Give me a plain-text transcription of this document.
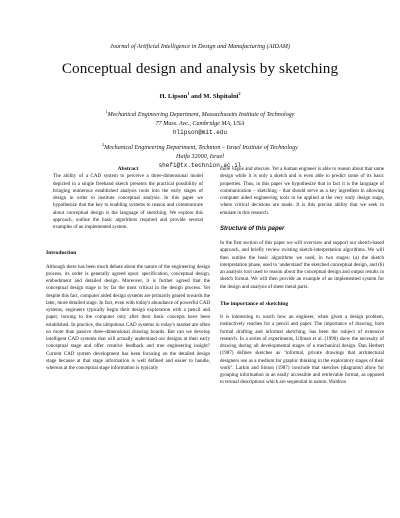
Journal of Artificial Intelligence in Design and Manufacturing (AIDAM)
Conceptual design and analysis by sketching
H. Lipson$^1$ and M. Shpitalni$^2$
$^1$Mechanical Engineering Department, Massachusetts Institute of Technology
77 Mass. Ave., Cambridge MA, USA
hlipson@mit.edu
$^2$Mechanical Engineering Department, Technion – Israel Institute of Technology
Haifa 32000, Israel
shefi@tx.technion.ac.il

Abstract

The ability of a CAD system to perceive a three-dimensional model depicted in a single freehand sketch presents the practical possibility of bringing numerous established analysis tools into the early stages of design in order to institute conceptual analysis. In this paper we hypothesize that the key to enabling systems to reason and communicate about conceptual design is the language of sketching. We explore this approach, outline the basic algorithms required and provide several examples of an implemented system.

Introduction

Although there has been much debate about the nature of the engineering design process, its order is generally agreed upon: specification, conceptual design, embodiment and detailed design. Moreover, it is further agreed that the conceptual design stage is by far the most critical in the design process. Yet despite this fact, computer aided design systems are primarily geared towards the later, more detailed stage. In fact, even with today's abundance of powerful CAD systems, engineers typically begin their design exploration with a pencil and paper, turning to the computer only after their basic concepts have been established. In practice, the ubiquitous CAD systems in today's market are often no more than passive three-dimensional drawing boards. But can we develop intelligent CAD systems that will actually understand our designs at their early conceptual stage and offer creative feedback and true engineering insight? Current CAD system development has been focusing on the detailed design stage because at that stage information is well defined and easier to handle, whereas at the conceptual stage information is typically

more vague and obscure. Yet a human engineer is able to reason about that same design while it is only a sketch and is even able to predict some of its basic properties. Thus, in this paper we hypothesize that in fact it is the language of communication – sketching – that should serve as a key ingredient in allowing computer aided engineering tools to be applied at the very early design stage, where critical decisions are made. It is this precise ability that we seek to emulate in this research.

Structure of this paper

In the first section of this paper we will overview and support our sketch-based approach, and briefly review existing sketch-interpretation algorithms. We will then outline the basic algorithms we used, in two stages: (a) the sketch interpretation phase, used to 'understand' the sketched conceptual design, and (b) an analysis tool used to reason about the conceptual design and output results in sketch format. We will then provide an example of an implemented system for the design and analysis of sheet metal parts.

The importance of sketching

It is interesting to watch how an engineer, when given a design problem, instinctively reaches for a pencil and paper. The importance of drawing, both formal drafting and informal sketching, has been the subject of extensive research. In a series of experiments, Ullman et al. (1990) show the necessity of drawing during all developmental stages of a mechanical design. Dan Herbert (1987) defines sketches as "informal, private drawings that architectural designers use as a medium for graphic thinking in the exploratory stages of their work". Larkin and Simon (1987) conclude that sketches (diagrams) allow for grouping information in an easily accessible and retrievable format, as opposed to textual descriptions which are sequential in nature. Waldron
